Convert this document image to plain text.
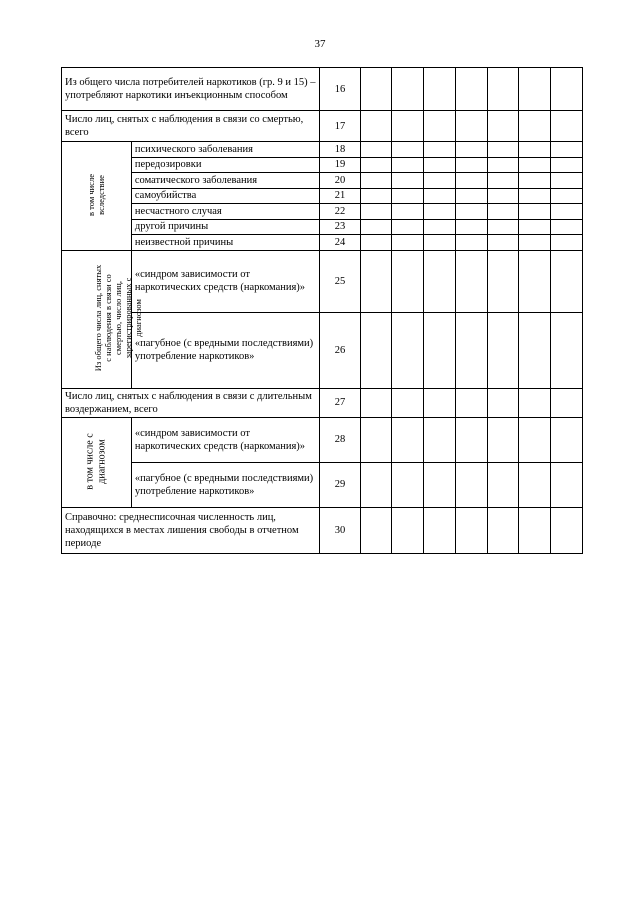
37
Из общего числа потребителей наркотиков (гр. 9 и 15) – употребляют наркотики инъекционным способом		16							
Число лиц, снятых с наблюдения в связи со смертью, всего		17							

в том числе вследствие	психического заболевания	18							
	передозировки	19							
	соматического заболевания	20							
	самоубийства	21							
	несчастного случая	22							
	другой причины	23							
	неизвестной причины	24							

Из общего числа лиц, снятых с наблюдения в связи со смертью, число лиц, зарегистрированных с диагнозом	«синдром зависимости от наркотических средств (наркомания)»	25							
	«пагубное (с вредными последствиями) употребление наркотиков»	26							
Число лиц, снятых с наблюдения в связи с длительным воздержанием, всего		27							

в том числе с диагнозом	«синдром зависимости от наркотических средств (наркомания)»	28							
	«пагубное (с вредными последствиями) употребление наркотиков»	29							
Справочно: среднесписочная численность лиц, находящихся в местах лишения свободы в отчетном периоде		30							
